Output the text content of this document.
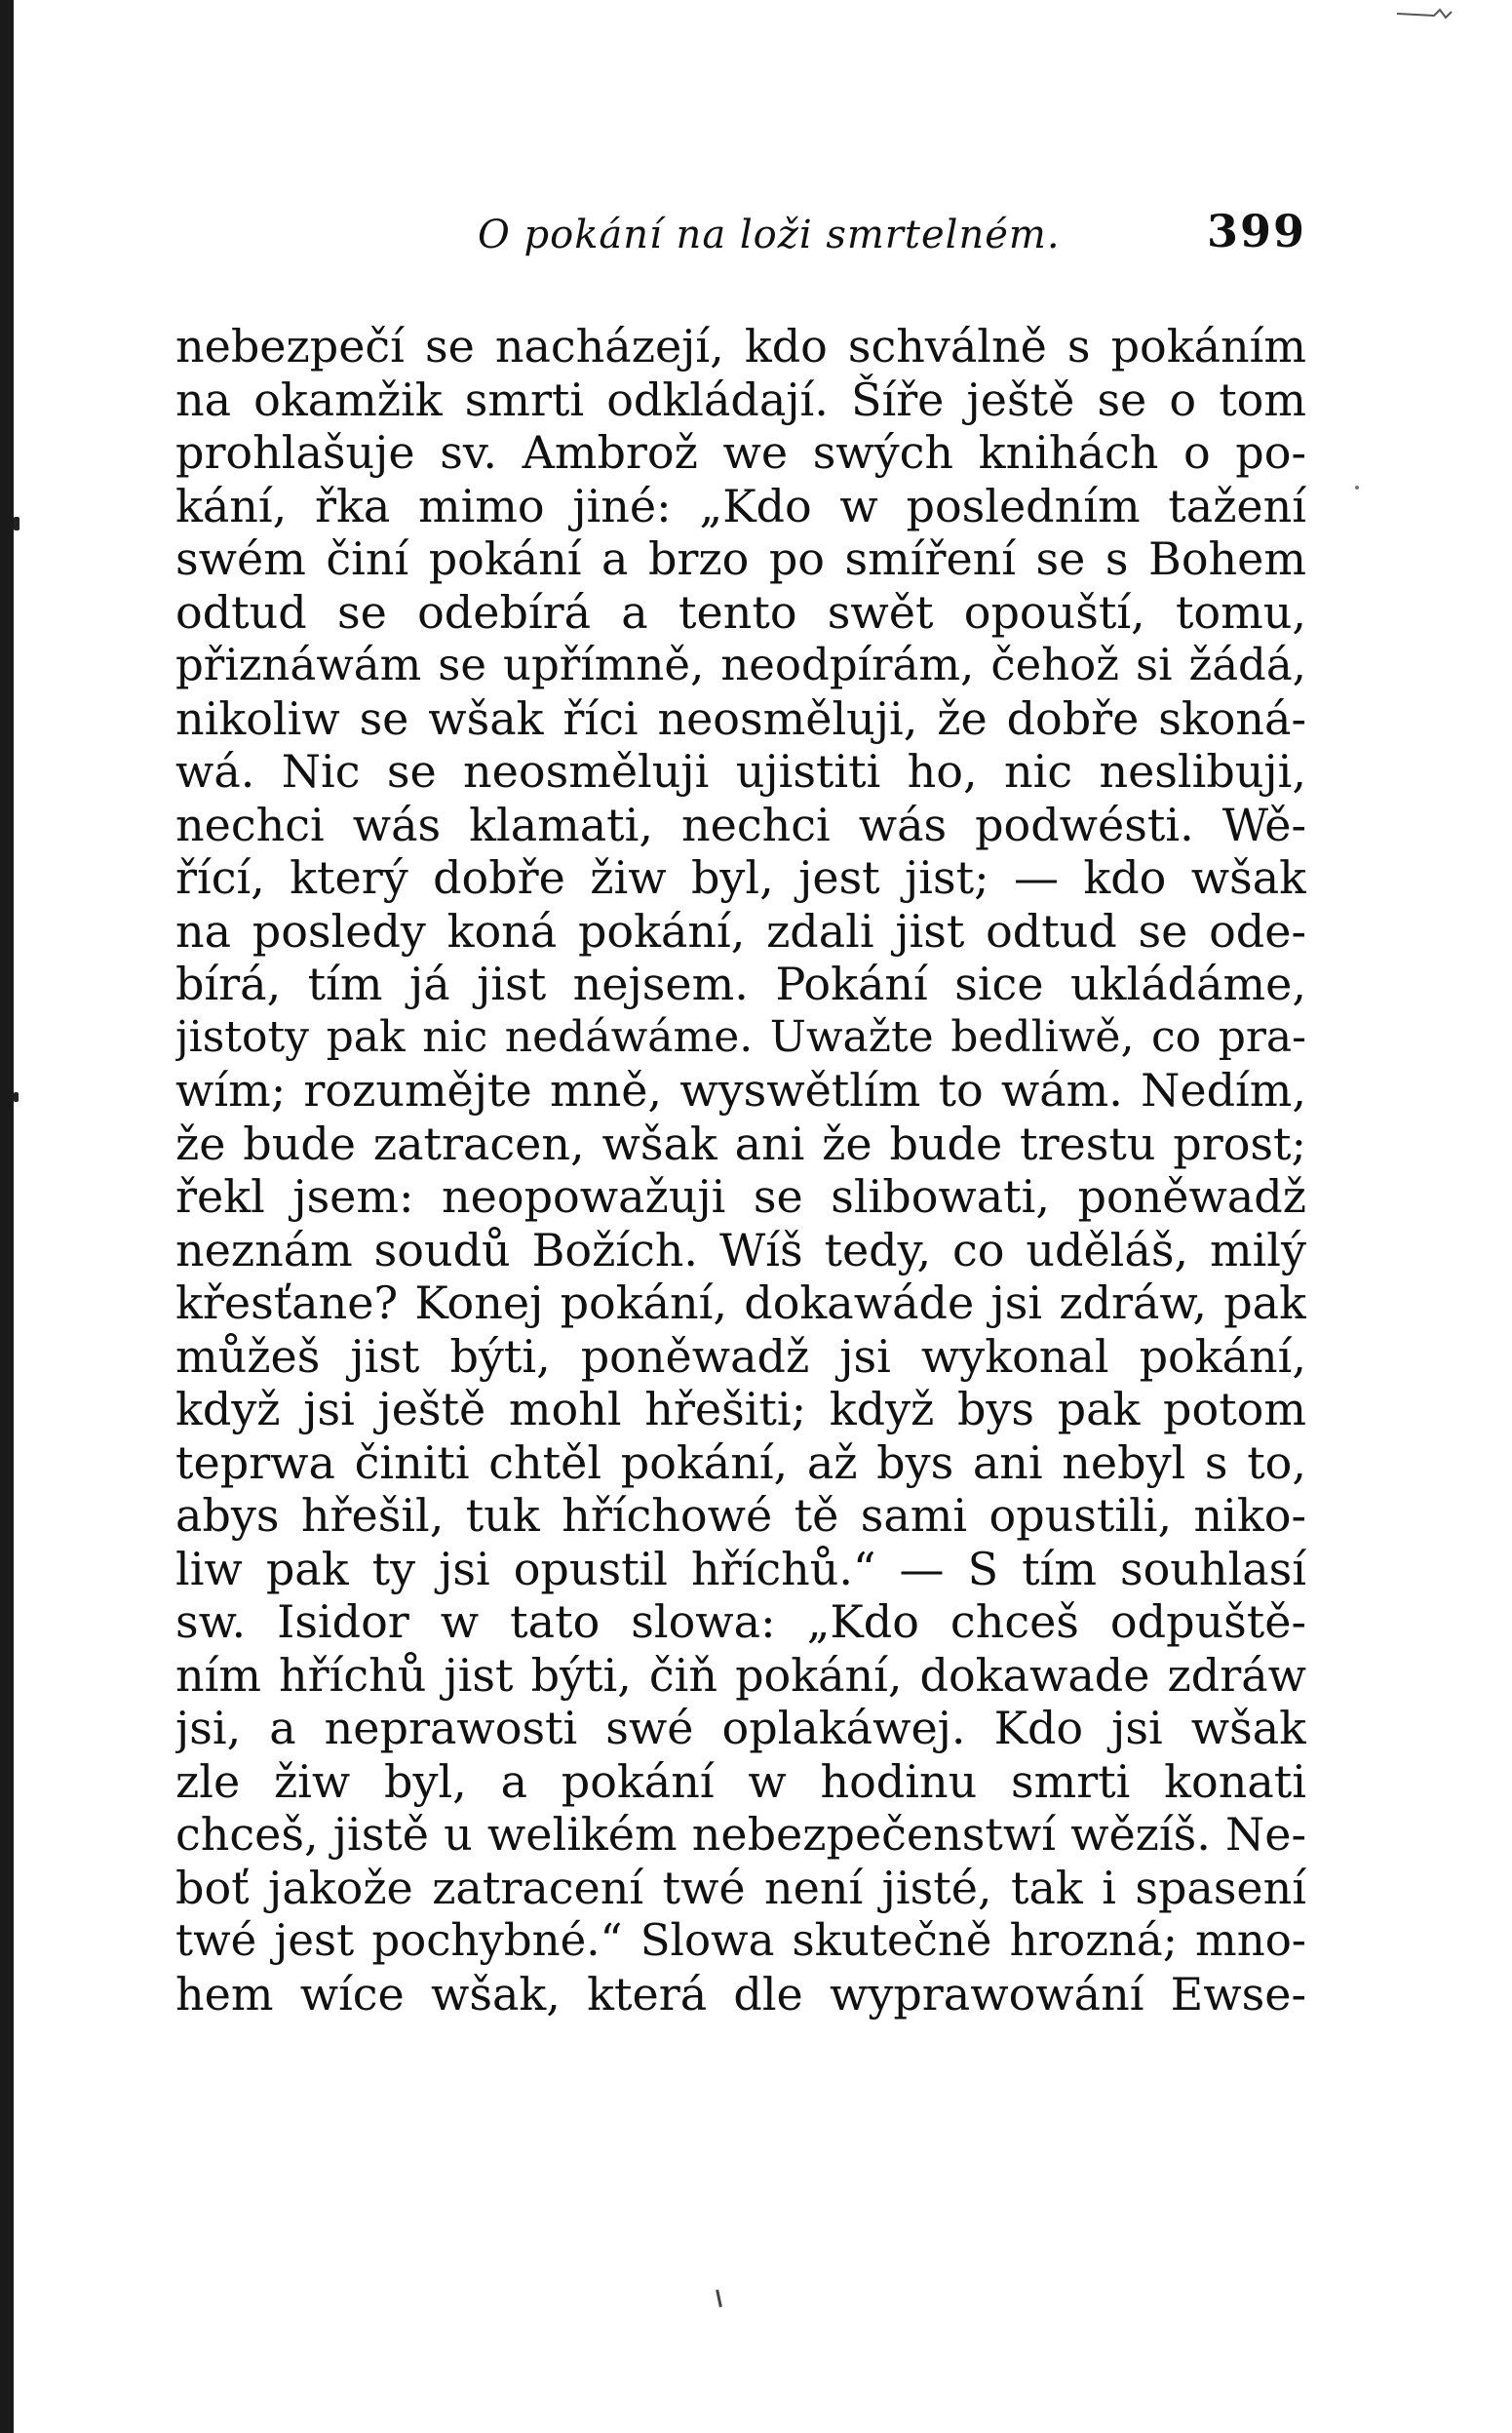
O pokání na loži smrtelném.	399
nebezpečí se nacházejí, kdo schválně s pokáním
na okamžik smrti odkládají. Šíře ještě se o tom
prohlašuje sv. Ambrož we swých knihách o po-
kání, řka mimo jiné: „Kdo w posledním tažení
swém činí pokání a brzo po smíření se s Bohem
odtud se odebírá a tento swět opouští, tomu,
přiznáwám se upřímně, neodpírám, čehož si žádá,
nikoliw se wšak říci neosměluji, že dobře skoná-
wá. Nic se neosměluji ujistiti ho, nic neslibuji,
nechci wás klamati, nechci wás podwésti. Wě-
řící, který dobře žiw byl, jest jist; — kdo wšak
na posledy koná pokání, zdali jist odtud se ode-
bírá, tím já jist nejsem. Pokání sice ukládáme,
jistoty pak nic nedáwáme. Uwažte bedliwě, co pra-
wím; rozumějte mně, wyswětlím to wám. Nedím,
že bude zatracen, wšak ani že bude trestu prost;
řekl jsem: neopowažuji se slibowati, poněwadž
neznám soudů Božích. Wíš tedy, co uděláš, milý
křesťane? Konej pokání, dokawáde jsi zdráw, pak
můžeš jist býti, poněwadž jsi wykonal pokání,
když jsi ještě mohl hřešiti; když bys pak potom
teprwa činiti chtěl pokání, až bys ani nebyl s to,
abys hřešil, tuk hříchowé tě sami opustili, niko-
liw pak ty jsi opustil hříchů.“ — S tím souhlasí
sw. Isidor w tato slowa: „Kdo chceš odpuště-
ním hříchů jist býti, čiň pokání, dokawade zdráw
jsi, a neprawosti swé oplakáwej. Kdo jsi wšak
zle žiw byl, a pokání w hodinu smrti konati
chceš, jistě u welikém nebezpečenstwí wězíš. Ne-
boť jakože zatracení twé není jisté, tak i spasení
twé jest pochybné.“ Slowa skutečně hrozná; mno-
hem wíce wšak, která dle wyprawowání Ewse-
